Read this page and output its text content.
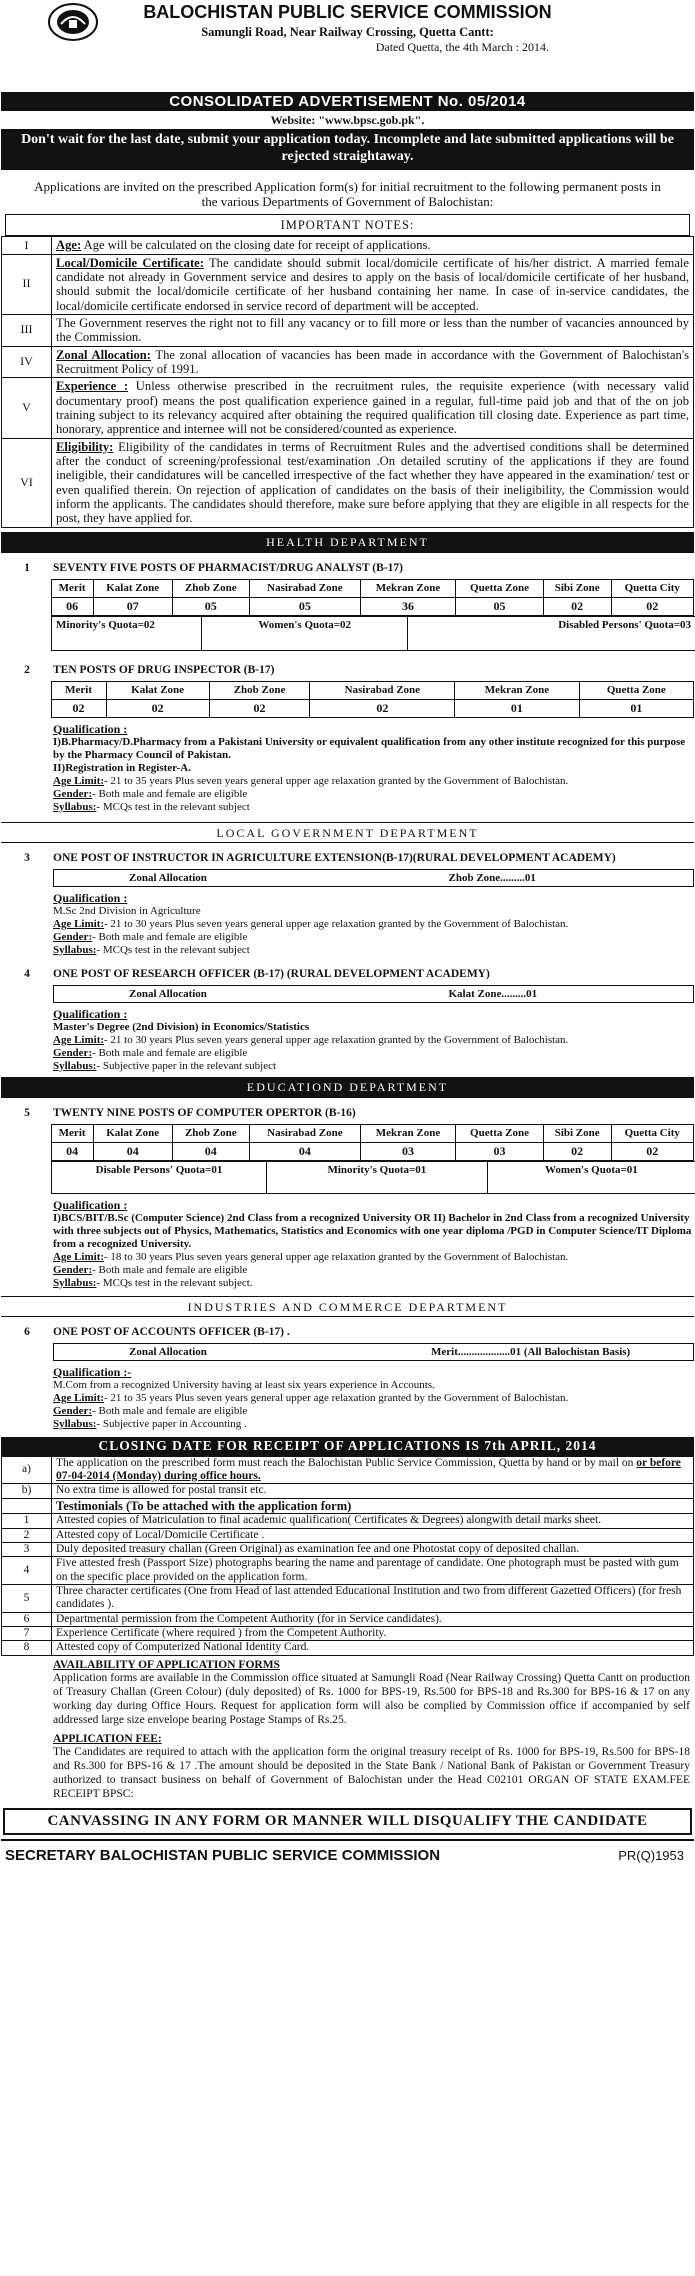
BALOCHISTAN PUBLIC SERVICE COMMISSION
Samungli Road, Near Railway Crossing, Quetta Cantt:
Dated Quetta, the 4th March : 2014.
CONSOLIDATED ADVERTISEMENT No. 05/2014
Website: "www.bpsc.gob.pk".
Don't wait for the last date, submit your application today. Incomplete and late submitted applications will be rejected straightaway.
Applications are invited on the prescribed Application form(s) for initial recruitment to the following permanent posts in the various Departments of Government of Balochistan:
IMPORTANT NOTES:
I	Age: Age will be calculated on the closing date for receipt of applications.
II	Local/Domicile Certificate: The candidate should submit local/domicile certificate of his/her district. A married female candidate not already in Government service and desires to apply on the basis of local/domicile certificate of her husband, should submit the local/domicile certificate of her husband containing her name. In case of in-service candidates, the local/domicile certificate endorsed in service record of department will be accepted.
III	The Government reserves the right not to fill any vacancy or to fill more or less than the number of vacancies announced by the Commission.
IV	Zonal Allocation: The zonal allocation of vacancies has been made in accordance with the Government of Balochistan's Recruitment Policy of 1991.
V	Experience : Unless otherwise prescribed in the recruitment rules, the requisite experience (with necessary valid documentary proof) means the post qualification experience gained in a regular, full-time paid job and that of the on job training subject to its relevancy acquired after obtaining the required qualification till closing date. Experience as part time, honorary, apprentice and internee will not be considered/counted as experience.
VI	Eligibility: Eligibility of the candidates in terms of Recruitment Rules and the advertised conditions shall be determined after the conduct of screening/professional test/examination .On detailed scrutiny of the applications if they are found ineligible, their candidatures will be cancelled irrespective of the fact whether they have appeared in the examination/ test or even qualified therein. On rejection of application of candidates on the basis of their ineligibility, the Commission would inform the applicants. The candidates should therefore, make sure before applying that they are eligible in all respects for the post, they have applied for.
HEALTH DEPARTMENT
1	SEVENTY FIVE POSTS OF PHARMACIST/DRUG ANALYST (B-17)
	Merit	Kalat Zone	Zhob Zone	Nasirabad Zone	Mekran Zone	Quetta Zone	Sibi Zone	Quetta City
	06	07	05	05	36	05	02	02
Minority's Quota=02	Women's Quota=02	Disabled Persons' Quota=03
2	TEN POSTS OF DRUG INSPECTOR (B-17)
	Merit	Kalat Zone	Zhob Zone	Nasirabad Zone	Mekran Zone	Quetta Zone
	02	02	02	02	01	01
Qualification :
I)B.Pharmacy/D.Pharmacy from a Pakistani University or equivalent qualification from any other institute recognized for this purpose by the Pharmacy Council of Pakistan.
II)Registration in Register-A.
Age Limit:- 21 to 35 years Plus seven years general upper age relaxation granted by the Government of Balochistan.
Gender:- Both male and female are eligible
Syllabus:- MCQs test in the relevant subject
LOCAL GOVERNMENT DEPARTMENT
3	ONE POST OF INSTRUCTOR IN AGRICULTURE EXTENSION(B-17)(RURAL DEVELOPMENT ACADEMY)
Zonal Allocation	Zhob Zone.........01
Qualification :
M.Sc 2nd Division in Agriculture
Age Limit:- 21 to 30 years Plus seven years general upper age relaxation granted by the Government of Balochistan.
Gender:- Both male and female are eligible
Syllabus:- MCQs test in the relevant subject
4	ONE POST OF RESEARCH OFFICER (B-17) (RURAL DEVELOPMENT ACADEMY)
Zonal Allocation	Kalat Zone.........01
Qualification :
Master's Degree (2nd Division) in Economics/Statistics
Age Limit:- 21 to 30 years Plus seven years general upper age relaxation granted by the Government of Balochistan.
Gender:- Both male and female are eligible
Syllabus:- Subjective paper in the relevant subject
EDUCATIOND DEPARTMENT
5	TWENTY NINE POSTS OF COMPUTER OPERTOR (B-16)
	Merit	Kalat Zone	Zhob Zone	Nasirabad Zone	Mekran Zone	Quetta Zone	Sibi Zone	Quetta City
	04	04	04	04	03	03	02	02
Disable Persons' Quota=01	Minority's Quota=01	Women's Quota=01
Qualification :
I)BCS/BIT/B.Sc (Computer Science) 2nd Class from a recognized University OR II) Bachelor in 2nd Class from a recognized University with three subjects out of Physics, Mathematics, Statistics and Economics with one year diploma /PGD in Computer Science/IT Diploma from a recognized University.
Age Limit:- 18 to 30 years Plus seven years general upper age relaxation granted by the Government of Balochistan.
Gender:- Both male and female are eligible
Syllabus:- MCQs test in the relevant subject.
INDUSTRIES AND COMMERCE DEPARTMENT
6	ONE POST OF ACCOUNTS OFFICER (B-17) .
Zonal Allocation	Merit...................01 (All Balochistan Basis)
Qualification :-
M.Com from a recognized University having at least six years experience in Accounts.
Age Limit:- 21 to 35 years Plus seven years general upper age relaxation granted by the Government of Balochistan.
Gender:- Both male and female are eligible
Syllabus:- Subjective paper in Accounting .
CLOSING DATE FOR RECEIPT OF APPLICATIONS IS 7th APRIL, 2014
a)	The application on the prescribed form must reach the Balochistan Public Service Commission, Quetta by hand or by mail on or before 07-04-2014 (Monday) during office hours.
b)	No extra time is allowed for postal transit etc.
	Testimonials (To be attached with the application form)
1	Attested copies of Matriculation to final academic qualification( Certificates & Degrees) alongwith detail marks sheet.
2	Attested copy of Local/Domicile Certificate .
3	Duly deposited treasury challan (Green Original) as examination fee and one Photostat copy of deposited challan.
4	Five attested fresh (Passport Size) photographs bearing the name and parentage of candidate. One photograph must be pasted with gum on the specific place provided on the application form.
5	Three character certificates (One from Head of last attended Educational Institution and two from different Gazetted Officers) (for fresh candidates ).
6	Departmental permission from the Competent Authority (for in Service candidates).
7	Experience Certificate (where required ) from the Competent Authority.
8	Attested copy of Computerized National Identity Card.
AVAILABILITY OF APPLICATION FORMS
Application forms are available in the Commission office situated at Samungli Road (Near Railway Crossing) Quetta Cantt on production of Treasury Challan (Green Colour) (duly deposited) of Rs. 1000 for BPS-19, Rs.500 for BPS-18 and Rs.300 for BPS-16 & 17 on any working day during Office Hours. Request for application form will also be complied by Commission office if accompanied by self addressed large size envelope bearing Postage Stamps of Rs.25.
APPLICATION FEE:
The Candidates are required to attach with the application form the original treasury receipt of Rs. 1000 for BPS-19, Rs.500 for BPS-18 and Rs.300 for BPS-16 & 17 .The amount should be deposited in the State Bank / National Bank of Pakistan or Government Treasury authorized to transact business on behalf of Government of Balochistan under the Head C02101 ORGAN OF STATE EXAM.FEE RECEIPT BPSC:
CANVASSING IN ANY FORM OR MANNER WILL DISQUALIFY THE CANDIDATE
SECRETARY BALOCHISTAN PUBLIC SERVICE COMMISSION	PR(Q)1953
